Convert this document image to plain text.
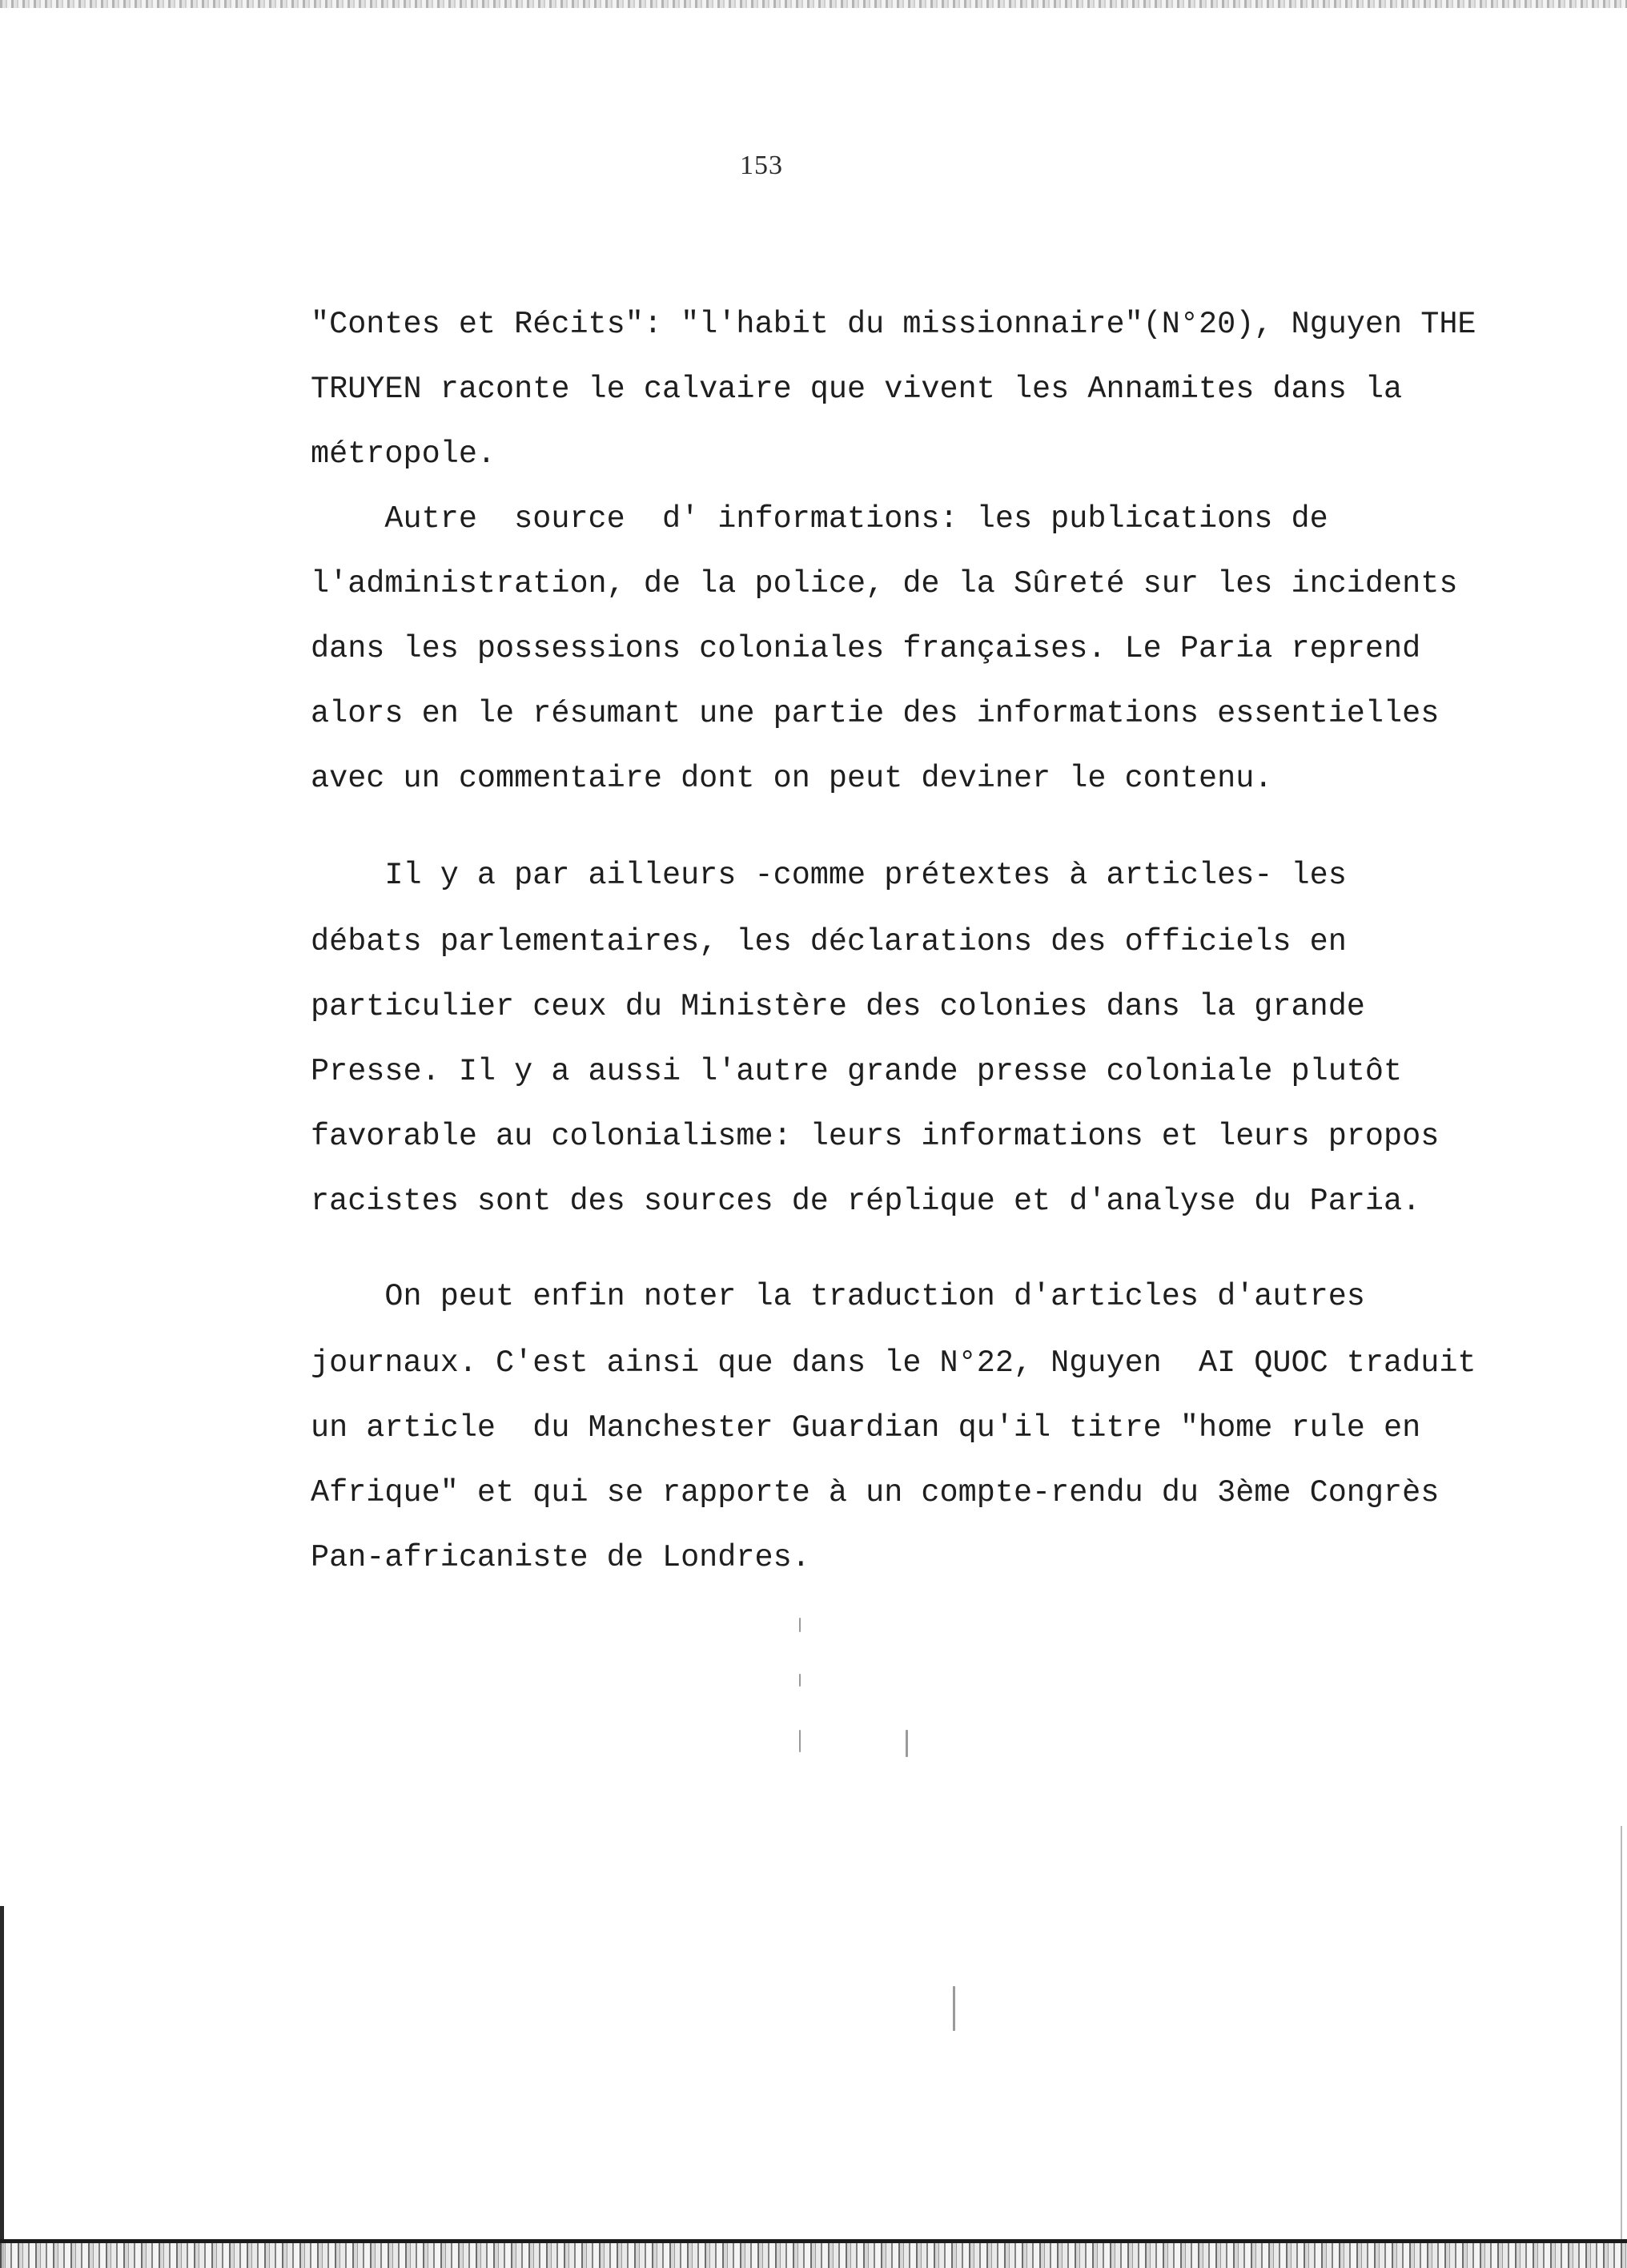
153
"Contes et Récits": "l'habit du missionnaire"(N°20), Nguyen THE
TRUYEN raconte le calvaire que vivent les Annamites dans la
métropole.
Autre  source  d' informations: les publications de
l'administration, de la police, de la Sûreté sur les incidents
dans les possessions coloniales françaises. Le Paria reprend
alors en le résumant une partie des informations essentielles
avec un commentaire dont on peut deviner le contenu.
Il y a par ailleurs -comme prétextes à articles- les
débats parlementaires, les déclarations des officiels en
particulier ceux du Ministère des colonies dans la grande
Presse. Il y a aussi l'autre grande presse coloniale plutôt
favorable au colonialisme: leurs informations et leurs propos
racistes sont des sources de réplique et d'analyse du Paria.
On peut enfin noter la traduction d'articles d'autres
journaux. C'est ainsi que dans le N°22, Nguyen  AI QUOC traduit
un article  du Manchester Guardian qu'il titre "home rule en
Afrique" et qui se rapporte à un compte-rendu du 3ème Congrès
Pan-africaniste de Londres.
